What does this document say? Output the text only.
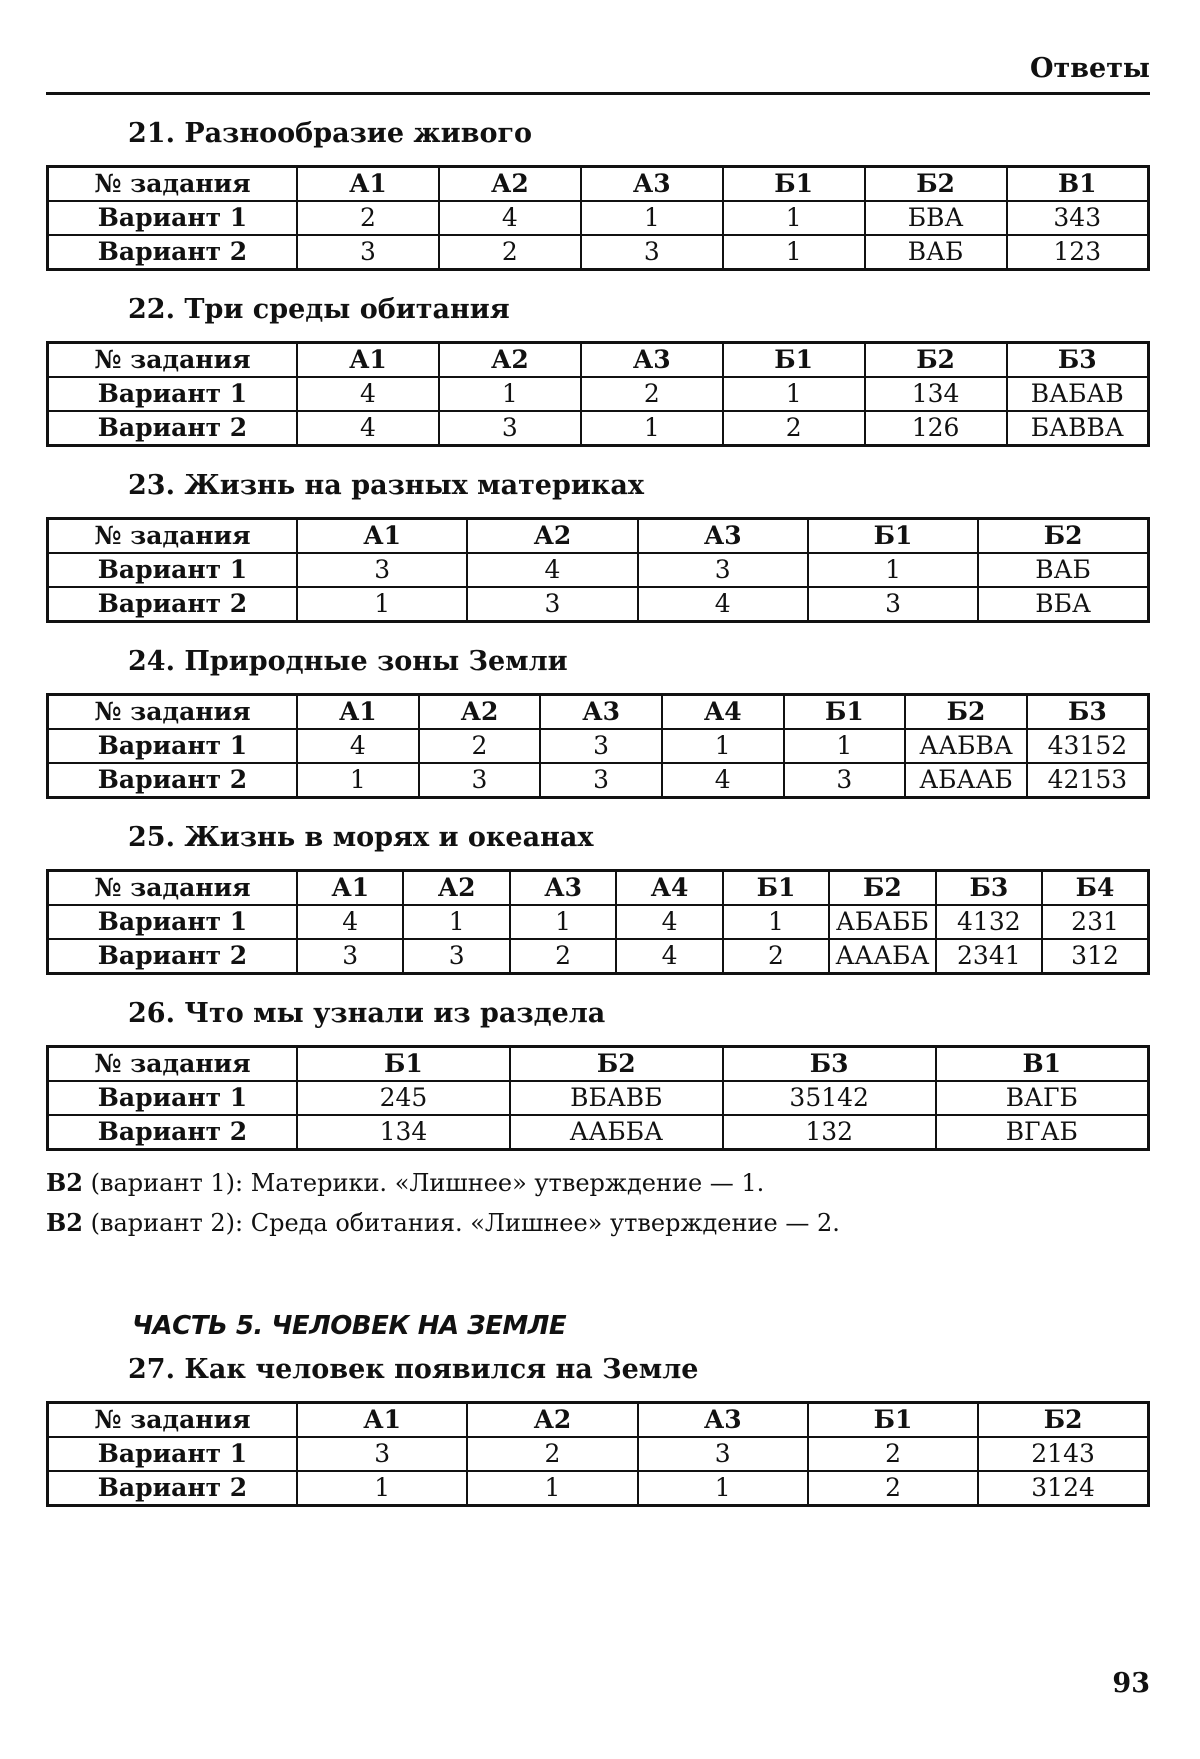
Ответы
21. Разнообразие живого
№ задания	А1	А2	А3	Б1	Б2	В1
Вариант 1	2	4	1	1	БВА	343
Вариант 2	3	2	3	1	ВАБ	123
22. Три среды обитания
№ задания	А1	А2	А3	Б1	Б2	Б3
Вариант 1	4	1	2	1	134	ВАБАВ
Вариант 2	4	3	1	2	126	БАВВА
23. Жизнь на разных материках
№ задания	А1	А2	А3	Б1	Б2
Вариант 1	3	4	3	1	ВАБ
Вариант 2	1	3	4	3	ВБА
24. Природные зоны Земли
№ задания	А1	А2	А3	А4	Б1	Б2	Б3
Вариант 1	4	2	3	1	1	ААБВА	43152
Вариант 2	1	3	3	4	3	АБААБ	42153
25. Жизнь в морях и океанах
№ задания	А1	А2	А3	А4	Б1	Б2	Б3	Б4
Вариант 1	4	1	1	4	1	АБАББ	4132	231
Вариант 2	3	3	2	4	2	АААБА	2341	312
26. Что мы узнали из раздела
№ задания	Б1	Б2	Б3	В1
Вариант 1	245	ВБАВБ	35142	ВАГБ
Вариант 2	134	ААББА	132	ВГАБ
В2 (вариант 1): Материки. «Лишнее» утверждение — 1.
В2 (вариант 2): Среда обитания. «Лишнее» утверждение — 2.
ЧАСТЬ 5. ЧЕЛОВЕК НА ЗЕМЛЕ
27. Как человек появился на Земле
№ задания	А1	А2	А3	Б1	Б2
Вариант 1	3	2	3	2	2143
Вариант 2	1	1	1	2	3124
93
